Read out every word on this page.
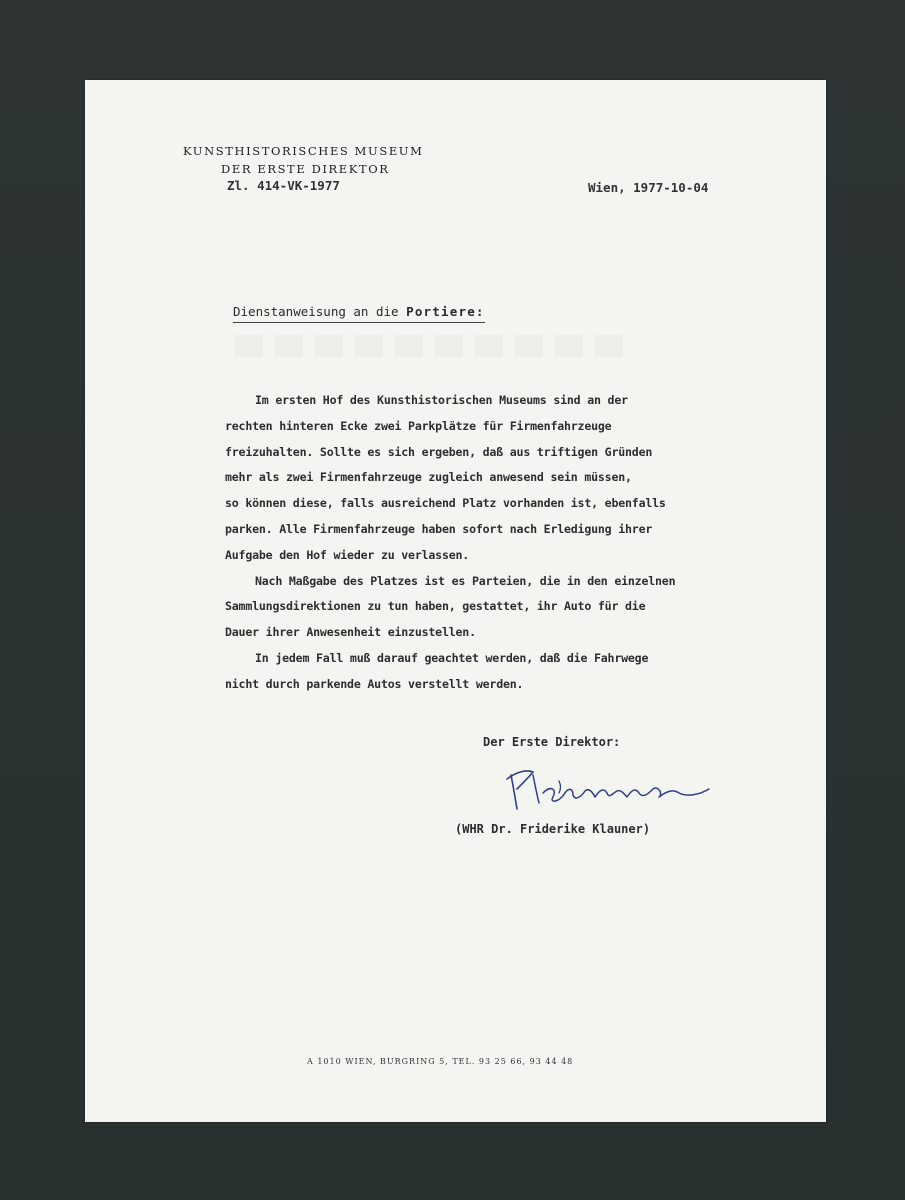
KUNSTHISTORISCHES MUSEUM
DER ERSTE DIREKTOR
Zl. 414-VK-1977	Wien, 1977-10-04
Dienstanweisung an die Portiere:
Im ersten Hof des Kunsthistorischen Museums sind an der
rechten hinteren Ecke zwei Parkplätze für Firmenfahrzeuge
freizuhalten. Sollte es sich ergeben, daß aus triftigen Gründen
mehr als zwei Firmenfahrzeuge zugleich anwesend sein müssen,
so können diese, falls ausreichend Platz vorhanden ist, ebenfalls
parken. Alle Firmenfahrzeuge haben sofort nach Erledigung ihrer
Aufgabe den Hof wieder zu verlassen.
Nach Maßgabe des Platzes ist es Parteien, die in den einzelnen
Sammlungsdirektionen zu tun haben, gestattet, ihr Auto für die
Dauer ihrer Anwesenheit einzustellen.
In jedem Fall muß darauf geachtet werden, daß die Fahrwege
nicht durch parkende Autos verstellt werden.
Der Erste Direktor:
(WHR Dr. Friderike Klauner)
A 1010 WIEN, BURGRING 5, TEL. 93 25 66, 93 44 48
